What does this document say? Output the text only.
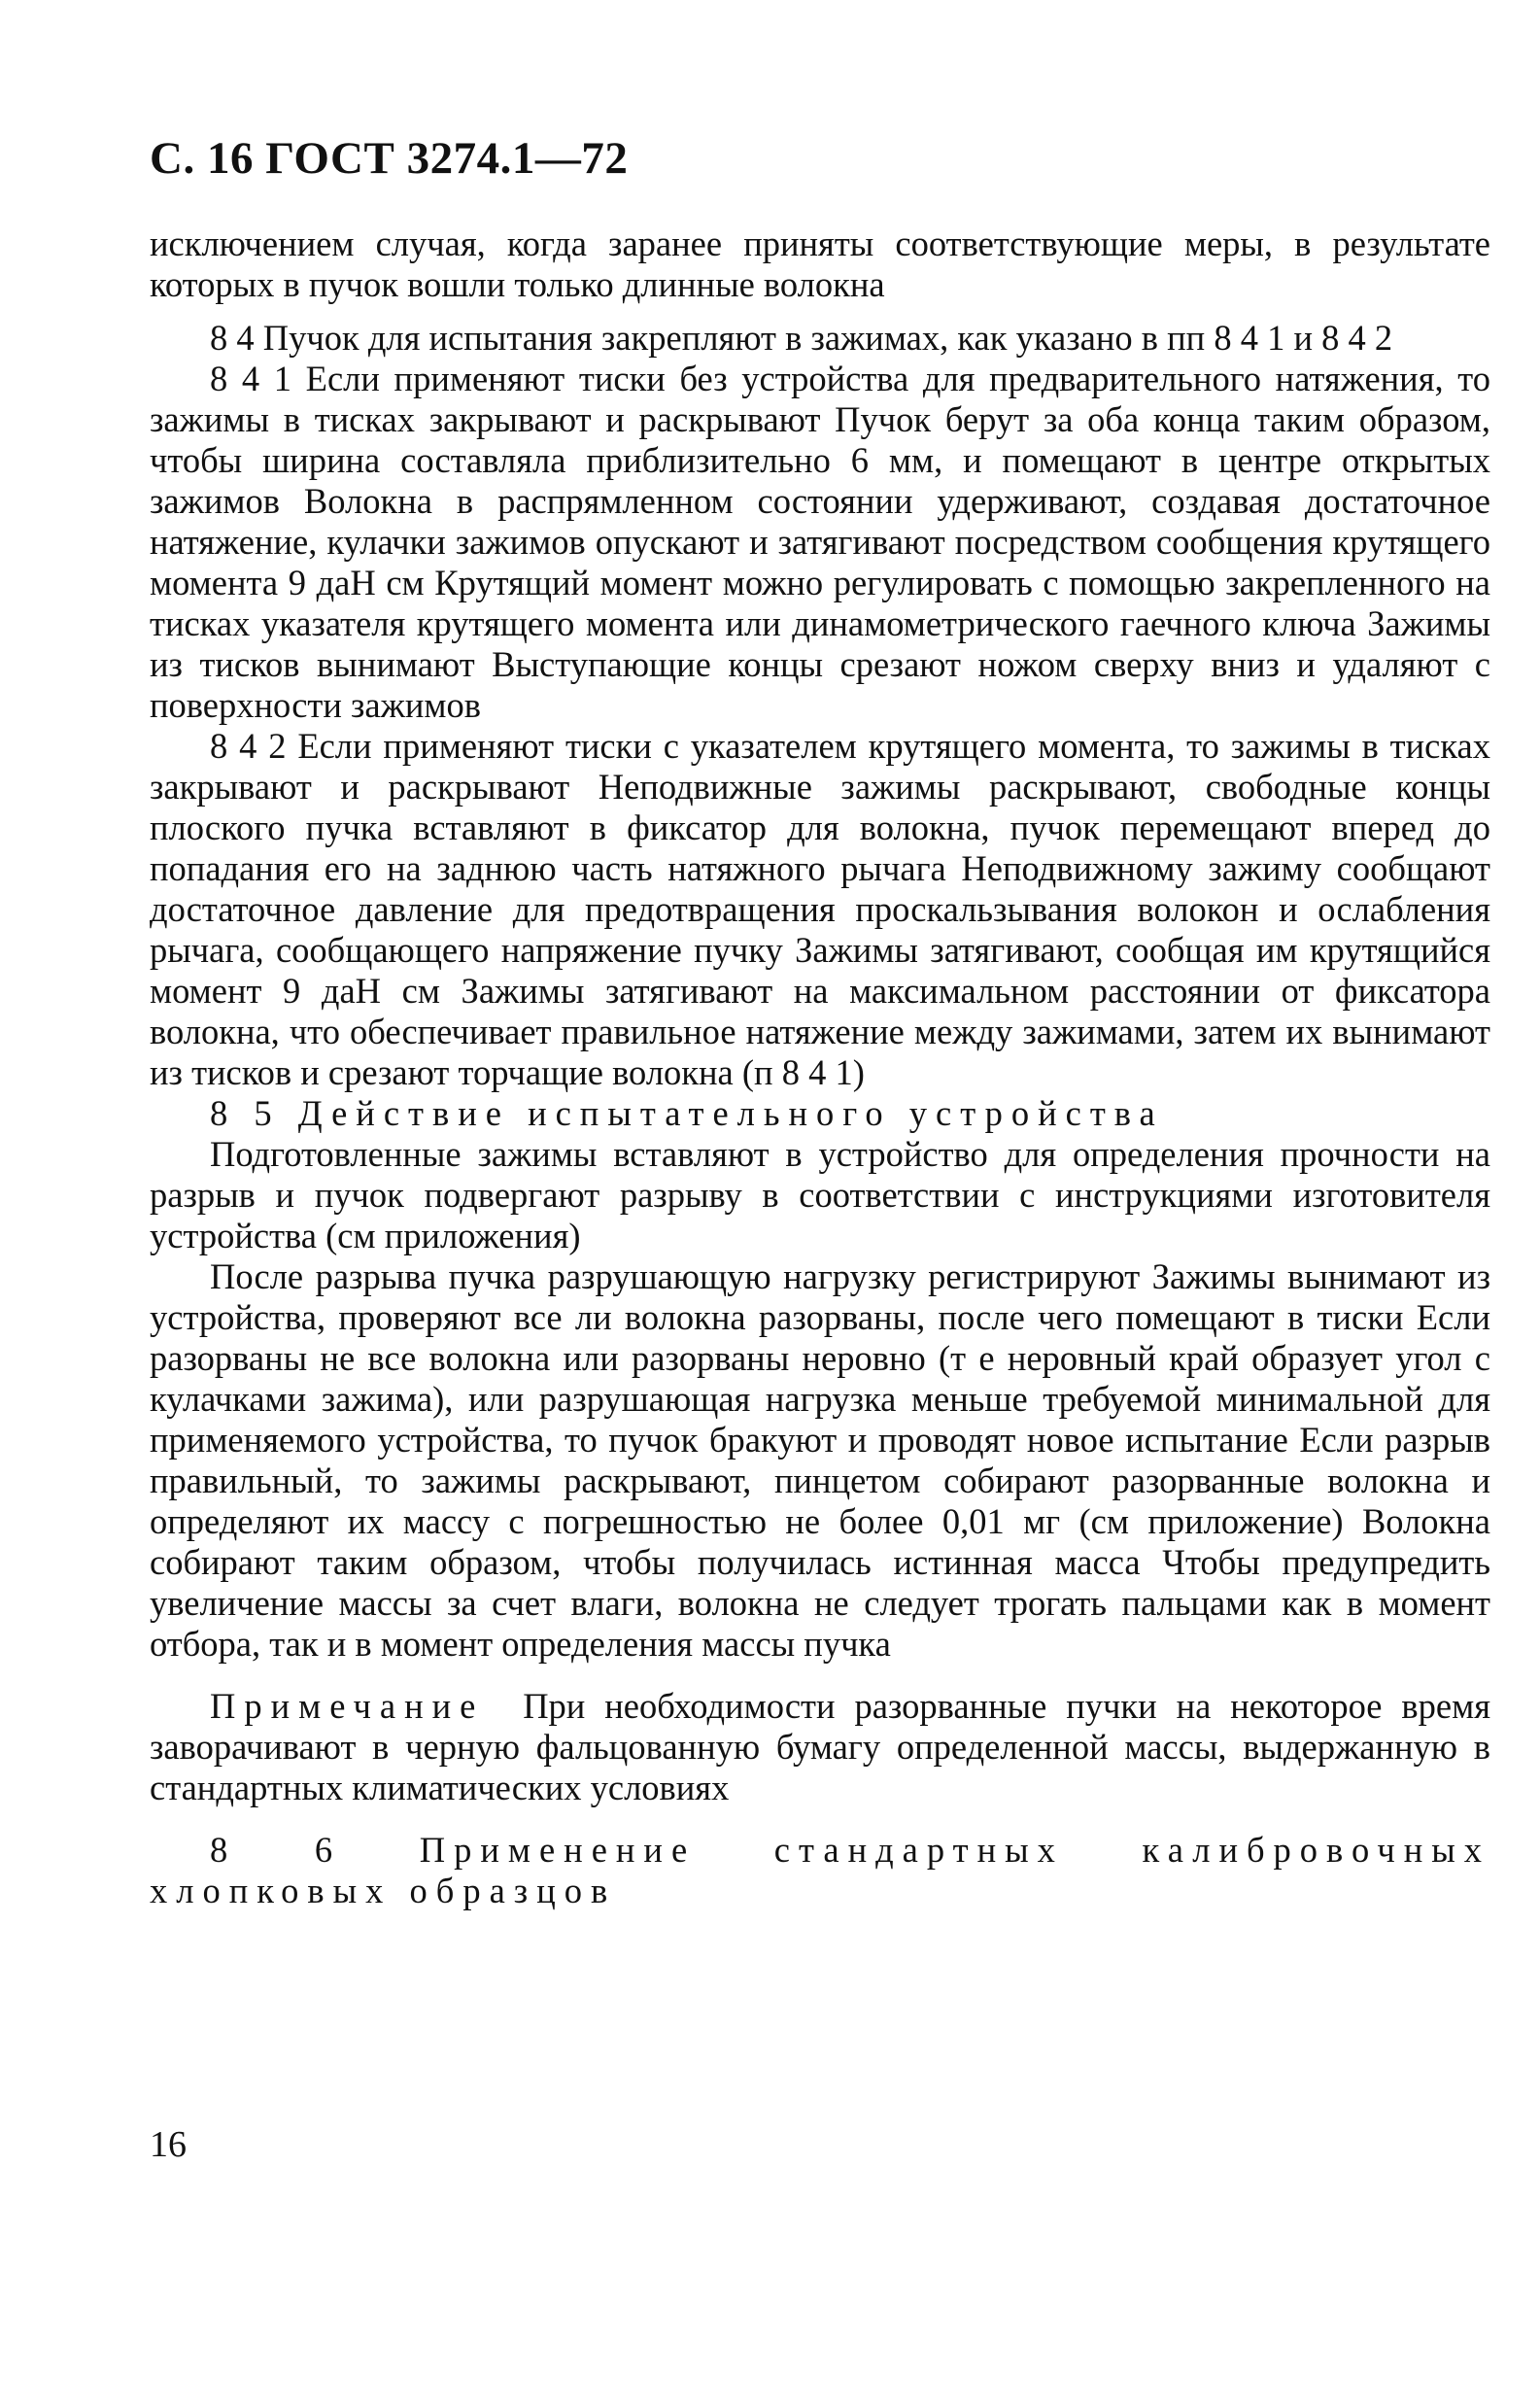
С. 16 ГОСТ 3274.1—72

исключением случая, когда заранее приняты соответствующие меры, в результате которых в пучок вошли только длинные волокна

8 4 Пучок для испытания закрепляют в зажимах, как указано в пп 8 4 1 и 8 4 2

8 4 1 Если применяют тиски без устройства для предварительного натяжения, то зажимы в тисках закрывают и раскрывают Пучок берут за оба конца таким образом, чтобы ширина составляла приблизительно 6 мм, и помещают в центре открытых зажимов Волокна в распрямленном состоянии удерживают, создавая достаточное натяжение, кулачки зажимов опускают и затягивают посредством сообщения крутящего момента 9 даН см Крутящий момент можно регулировать с помощью закрепленного на тисках указателя крутящего момента или динамометрического гаечного ключа Зажимы из тисков вынимают Выступающие концы срезают ножом сверху вниз и удаляют с поверхности зажимов

8 4 2 Если применяют тиски с указателем крутящего момента, то зажимы в тисках закрывают и раскрывают Неподвижные зажимы раскрывают, свободные концы плоского пучка вставляют в фиксатор для волокна, пучок перемещают вперед до попадания его на заднюю часть натяжного рычага Неподвижному зажиму сообщают достаточное давление для предотвращения проскальзывания волокон и ослабления рычага, сообщающего напряжение пучку Зажимы затягивают, сообщая им крутящийся момент 9 даН см Зажимы затягивают на максимальном расстоянии от фиксатора волокна, что обеспечивает правильное натяжение между зажимами, затем их вынимают из тисков и срезают торчащие волокна (п 8 4 1)

8 5 Действие испытательного устройства

Подготовленные зажимы вставляют в устройство для определения прочности на разрыв и пучок подвергают разрыву в соответствии с инструкциями изготовителя устройства (см приложения)

После разрыва пучка разрушающую нагрузку регистрируют Зажимы вынимают из устройства, проверяют все ли волокна разорваны, после чего помещают в тиски Если разорваны не все волокна или разорваны неровно (т е неровный край образует угол с кулачками зажима), или разрушающая нагрузка меньше требуемой минимальной для применяемого устройства, то пучок бракуют и проводят новое испытание Если разрыв правильный, то зажимы раскрывают, пинцетом собирают разорванные волокна и определяют их массу с погрешностью не более 0,01 мг (см приложение) Волокна собирают таким образом, чтобы получилась истинная масса Чтобы предупредить увеличение массы за счет влаги, волокна не следует трогать пальцами как в момент отбора, так и в момент определения массы пучка

Примечание При необходимости разорванные пучки на некоторое время заворачивают в черную фальцованную бумагу определенной массы, выдержанную в стандартных климатических условиях

8 6 Применение стандартных калибровочных хлопковых образцов

16
